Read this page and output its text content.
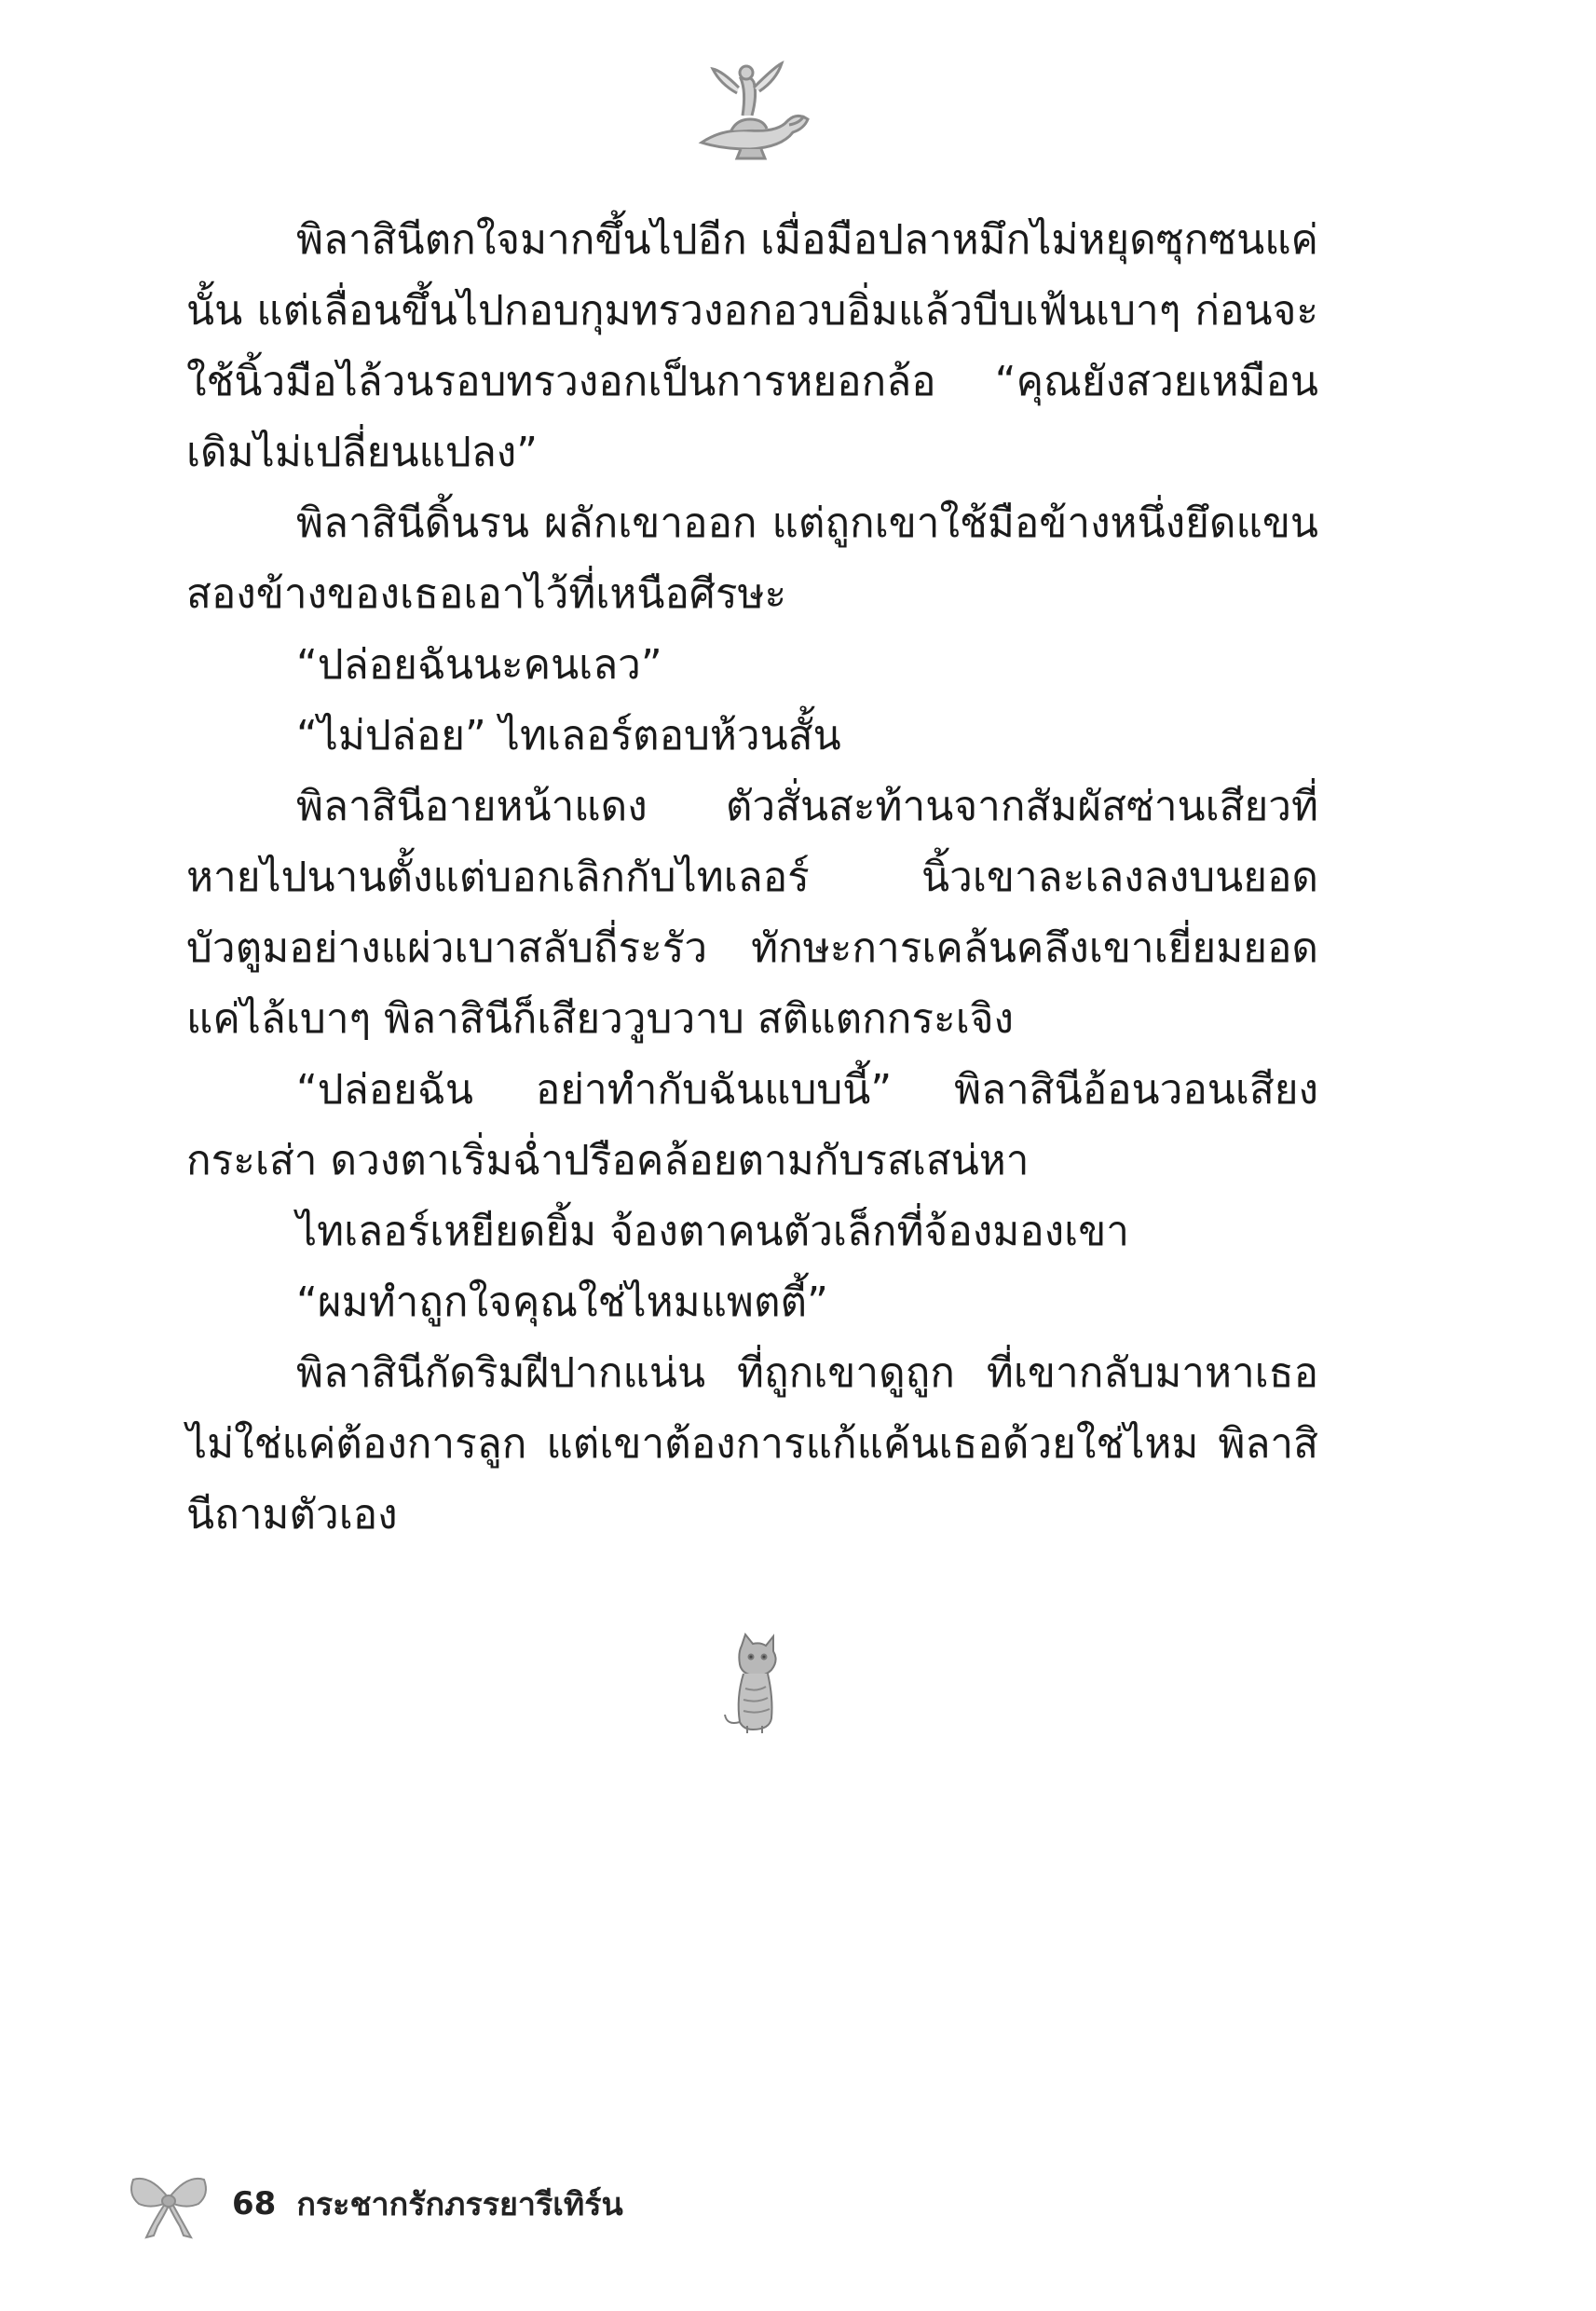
พิลาสินีตกใจมากขึ้นไปอีก เมื่อมือปลาหมึกไม่หยุดซุกซนแค่นั้น แต่เลื่อนขึ้นไปกอบกุมทรวงอกอวบอิ่มแล้วบีบเฟ้นเบาๆ ก่อนจะใช้นิ้วมือไล้วนรอบทรวงอกเป็นการหยอกล้อ “คุณยังสวยเหมือนเดิมไม่เปลี่ยนแปลง”

พิลาสินีดิ้นรน ผลักเขาออก แต่ถูกเขาใช้มือข้างหนึ่งยึดแขนสองข้างของเธอเอาไว้ที่เหนือศีรษะ

“ปล่อยฉันนะคนเลว”

“ไม่ปล่อย” ไทเลอร์ตอบห้วนสั้น

พิลาสินีอายหน้าแดง ตัวสั่นสะท้านจากสัมผัสซ่านเสียวที่หายไปนานตั้งแต่บอกเลิกกับไทเลอร์ นิ้วเขาละเลงลงบนยอดบัวตูมอย่างแผ่วเบาสลับถี่ระรัว ทักษะการเคล้นคลึงเขาเยี่ยมยอด แค่ไล้เบาๆ พิลาสินีก็เสียววูบวาบ สติแตกกระเจิง

“ปล่อยฉัน อย่าทำกับฉันแบบนี้” พิลาสินีอ้อนวอนเสียงกระเส่า ดวงตาเริ่มฉ่ำปรือคล้อยตามกับรสเสน่หา

ไทเลอร์เหยียดยิ้ม จ้องตาคนตัวเล็กที่จ้องมองเขา

“ผมทำถูกใจคุณใช่ไหมแพตตี้”

พิลาสินีกัดริมฝีปากแน่น ที่ถูกเขาดูถูก ที่เขากลับมาหาเธอไม่ใช่แค่ต้องการลูก แต่เขาต้องการแก้แค้นเธอด้วยใช่ไหม พิลาสินีถามตัวเอง

68 กระชากรักภรรยารีเทิร์น
